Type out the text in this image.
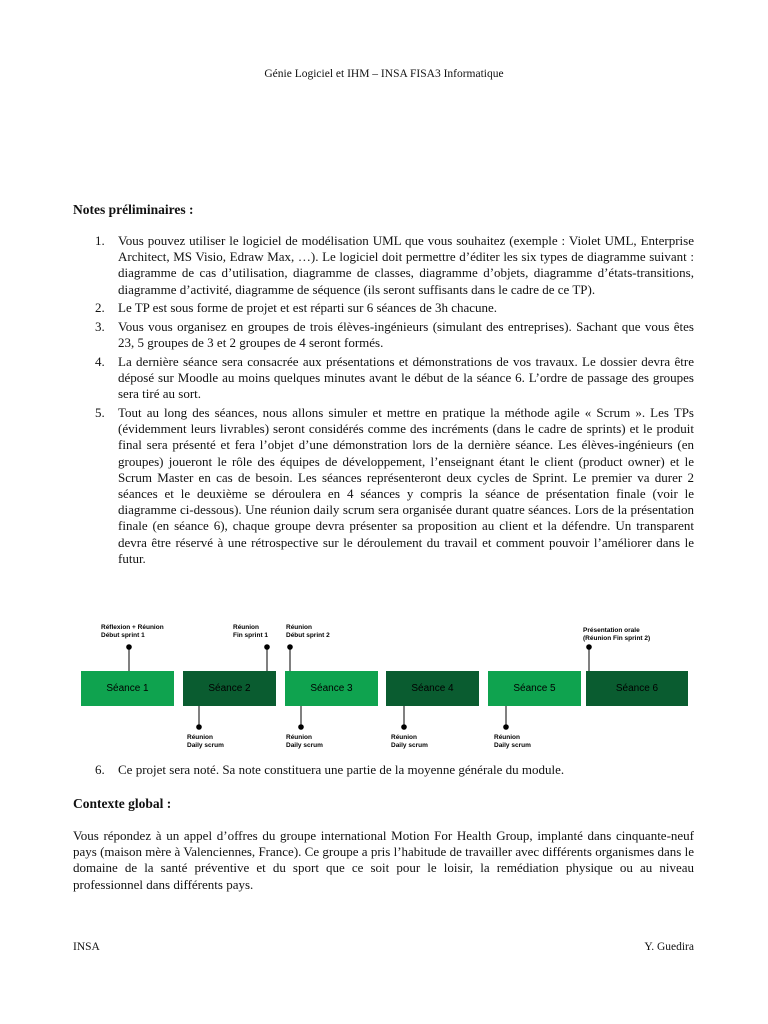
Génie Logiciel et IHM – INSA FISA3 Informatique
Notes préliminaires :
1. Vous pouvez utiliser le logiciel de modélisation UML que vous souhaitez (exemple : Violet UML, Enterprise Architect, MS Visio, Edraw Max, …). Le logiciel doit permettre d’éditer les six types de diagramme suivant : diagramme de cas d’utilisation, diagramme de classes, diagramme d’objets, diagramme d’états-transitions, diagramme d’activité, diagramme de séquence (ils seront suffisants dans le cadre de ce TP).
2. Le TP est sous forme de projet et est réparti sur 6 séances de 3h chacune.
3. Vous vous organisez en groupes de trois élèves-ingénieurs (simulant des entreprises). Sachant que vous êtes 23, 5 groupes de 3 et 2 groupes de 4 seront formés.
4. La dernière séance sera consacrée aux présentations et démonstrations de vos travaux. Le dossier devra être déposé sur Moodle au moins quelques minutes avant le début de la séance 6. L’ordre de passage des groupes sera tiré au sort.
5. Tout au long des séances, nous allons simuler et mettre en pratique la méthode agile « Scrum ». Les TPs (évidemment leurs livrables) seront considérés comme des incréments (dans le cadre de sprints) et le produit final sera présenté et fera l’objet d’une démonstration lors de la dernière séance. Les élèves-ingénieurs (en groupes) joueront le rôle des équipes de développement, l’enseignant étant le client (product owner) et le Scrum Master en cas de besoin. Les séances représenteront deux cycles de Sprint. Le premier va durer 2 séances et le deuxième se déroulera en 4 séances y compris la séance de présentation finale (voir le diagramme ci-dessous). Une réunion daily scrum sera organisée durant quatre séances. Lors de la présentation finale (en séance 6), chaque groupe devra présenter sa proposition au client et la défendre. Un transparent devra être réservé à une rétrospective sur le déroulement du travail et comment pouvoir l’améliorer dans le futur.
Réflexion + Réunion
Début sprint 1
Réunion
Fin sprint 1
Réunion
Début sprint 2
Présentation orale
(Réunion Fin sprint 2)
Séance 1	Séance 2	Séance 3	Séance 4	Séance 5	Séance 6
Réunion
Daily scrum
Réunion
Daily scrum
Réunion
Daily scrum
Réunion
Daily scrum
6. Ce projet sera noté. Sa note constituera une partie de la moyenne générale du module.
Contexte global :
Vous répondez à un appel d’offres du groupe international Motion For Health Group, implanté dans cinquante-neuf pays (maison mère à Valenciennes, France). Ce groupe a pris l’habitude de travailler avec différents organismes dans le domaine de la santé préventive et du sport que ce soit pour le loisir, la remédiation physique ou au niveau professionnel dans différents pays.
INSA	Y. Guedira
